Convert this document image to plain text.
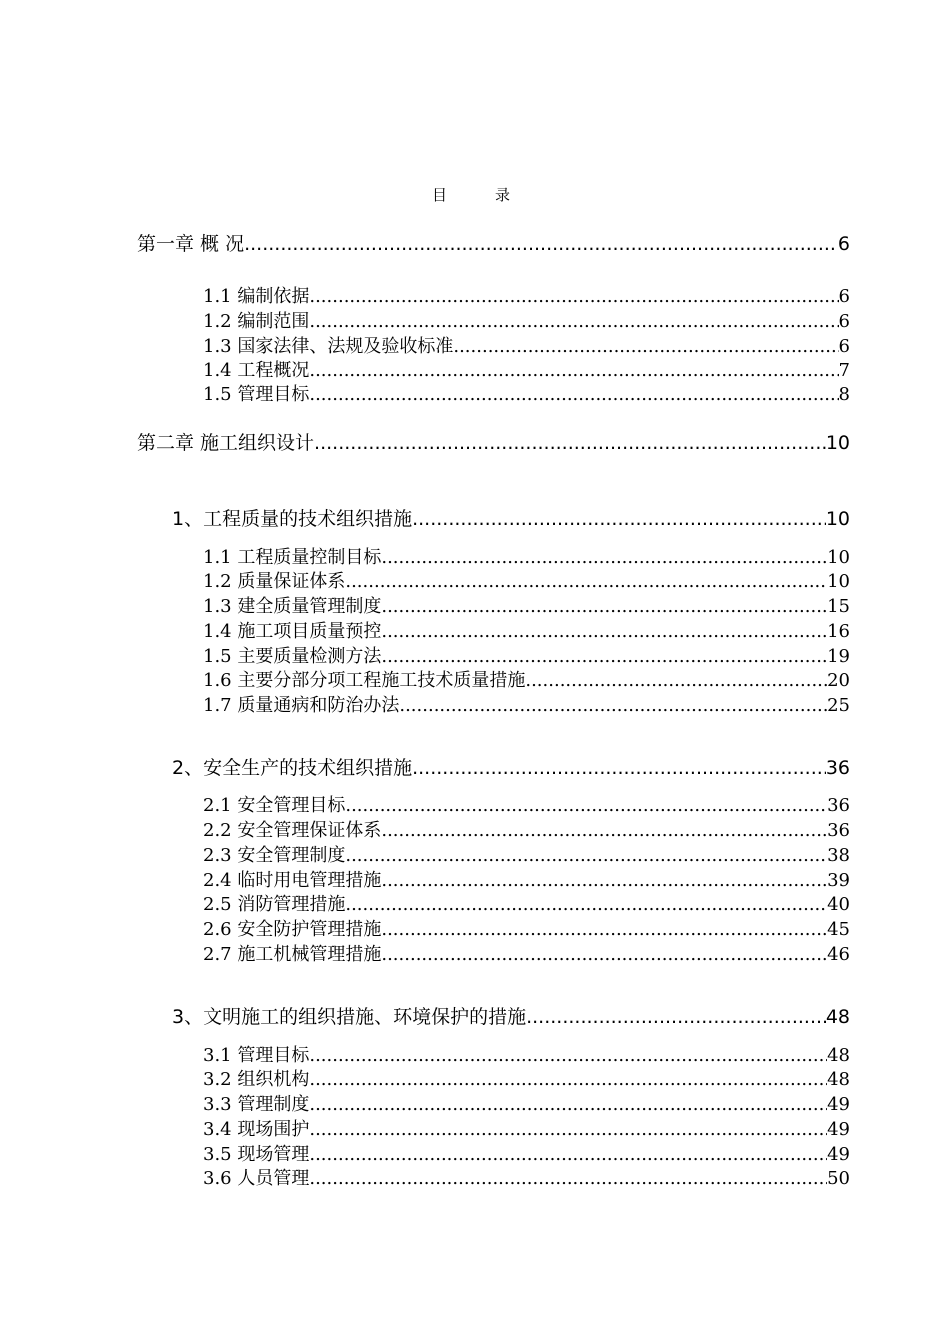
目录
第一章 概 况 .....	6
1.1 编制依据 .....	6
1.2 编制范围 .....	6
1.3 国家法律、法规及验收标准 .....	6
1.4 工程概况 .....	7
1.5 管理目标 .....	8
第二章 施工组织设计 .....	10
1、工程质量的技术组织措施 .....	10
1.1 工程质量控制目标 .....	10
1.2 质量保证体系 .....	10
1.3 建全质量管理制度 .....	15
1.4 施工项目质量预控 .....	16
1.5 主要质量检测方法 .....	19
1.6 主要分部分项工程施工技术质量措施 .....	20
1.7 质量通病和防治办法 .....	25
2、安全生产的技术组织措施 .....	36
2.1 安全管理目标 .....	36
2.2 安全管理保证体系 .....	36
2.3 安全管理制度 .....	38
2.4 临时用电管理措施 .....	39
2.5 消防管理措施 .....	40
2.6 安全防护管理措施 .....	45
2.7 施工机械管理措施 .....	46
3、文明施工的组织措施、环境保护的措施 .....	48
3.1 管理目标 .....	48
3.2 组织机构 .....	48
3.3 管理制度 .....	49
3.4 现场围护 .....	49
3.5 现场管理 .....	49
3.6 人员管理 .....	50
